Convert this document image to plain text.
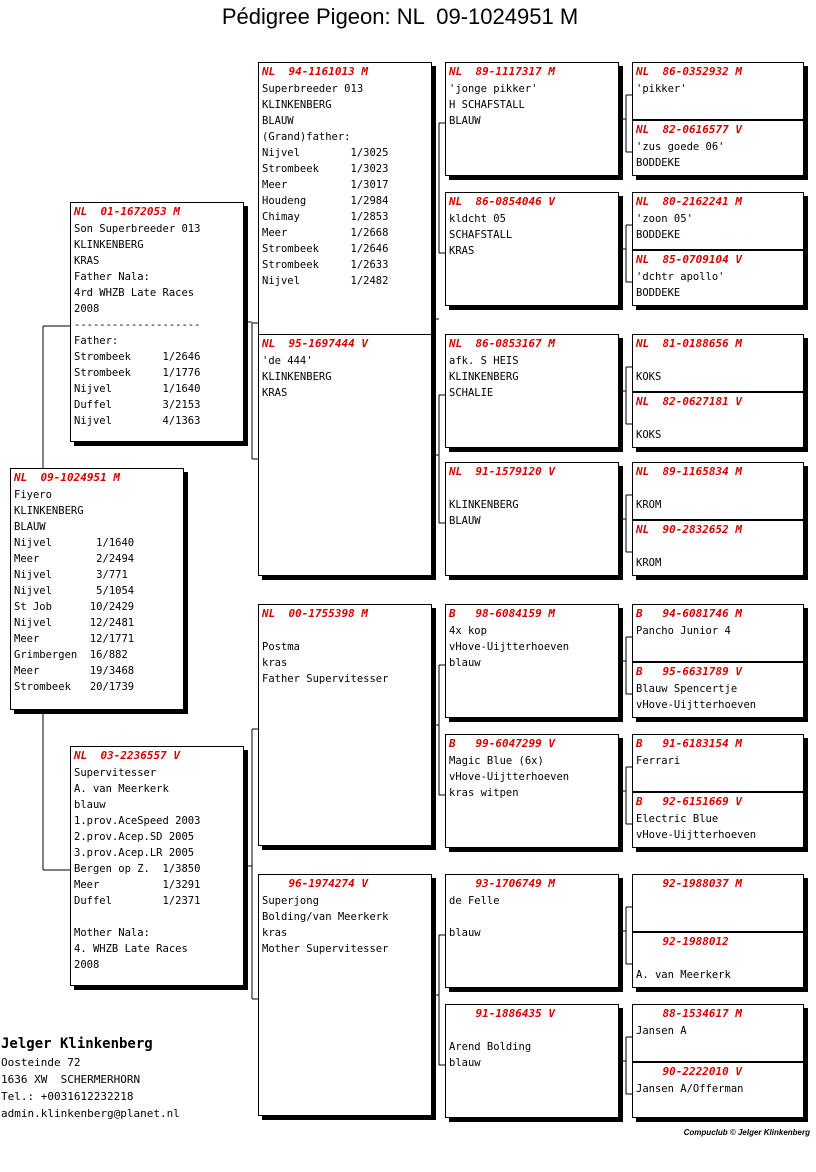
Pédigree Pigeon: NL  09-1024951 M
NL  09-1024951 M
Fiyero
KLINKENBERG
BLAUW
Nijvel       1/1640
Meer         2/2494
Nijvel       3/771
Nijvel       5/1054
St Job      10/2429
Nijvel      12/2481
Meer        12/1771
Grimbergen  16/882
Meer        19/3468
Strombeek   20/1739
NL  01-1672053 M
Son Superbreeder 013
KLINKENBERG
KRAS
Father Nala:
4rd WHZB Late Races
2008
--------------------
Father:
Strombeek     1/2646
Strombeek     1/1776
Nijvel        1/1640
Duffel        3/2153
Nijvel        4/1363
NL  03-2236557 V
Supervitesser
A. van Meerkerk
blauw
1.prov.AceSpeed 2003
2.prov.Acep.SD 2005
3.prov.Acep.LR 2005
Bergen op Z.  1/3850
Meer          1/3291
Duffel        1/2371
Mother Nala:
4. WHZB Late Races
2008
NL  94-1161013 M
Superbreeder 013
KLINKENBERG
BLAUW
(Grand)father:
Nijvel        1/3025
Strombeek     1/3023
Meer          1/3017
Houdeng       1/2984
Chimay        1/2853
Meer          1/2668
Strombeek     1/2646
Strombeek     1/2633
Nijvel        1/2482
NL  95-1697444 V
'de 444'
KLINKENBERG
KRAS
NL  00-1755398 M
Postma
kras
Father Supervitesser
96-1974274 V
Superjong
Bolding/van Meerkerk
kras
Mother Supervitesser
NL  89-1117317 M
'jonge pikker'
H SCHAFSTALL
BLAUW
NL  86-0854046 V
kldcht 05
SCHAFSTALL
KRAS
NL  86-0853167 M
afk. S HEIS
KLINKENBERG
SCHALIE
NL  91-1579120 V
KLINKENBERG
BLAUW
B   98-6084159 M
4x kop
vHove-Uijtterhoeven
blauw
B   99-6047299 V
Magic Blue (6x)
vHove-Uijtterhoeven
kras witpen
93-1706749 M
de Felle
blauw
91-1886435 V
Arend Bolding
blauw
NL  86-0352932 M
'pikker'
NL  82-0616577 V
'zus goede 06'
BODDEKE
NL  80-2162241 M
'zoon 05'
BODDEKE
NL  85-0709104 V
'dchtr apollo'
BODDEKE
NL  81-0188656 M
KOKS
NL  82-0627181 V
KOKS
NL  89-1165834 M
KROM
NL  90-2832652 M
KROM
B   94-6081746 M
Pancho Junior 4
B   95-6631789 V
Blauw Spencertje
vHove-Uijtterhoeven
B   91-6183154 M
Ferrari
B   92-6151669 V
Electric Blue
vHove-Uijtterhoeven
92-1988037 M
92-1988012
A. van Meerkerk
88-1534617 M
Jansen A
90-2222010 V
Jansen A/Offerman
Jelger Klinkenberg
Oosteinde 72
1636 XW  SCHERMERHORN
Tel.: +0031612232218
admin.klinkenberg@planet.nl
Compuclub © Jelger Klinkenberg
